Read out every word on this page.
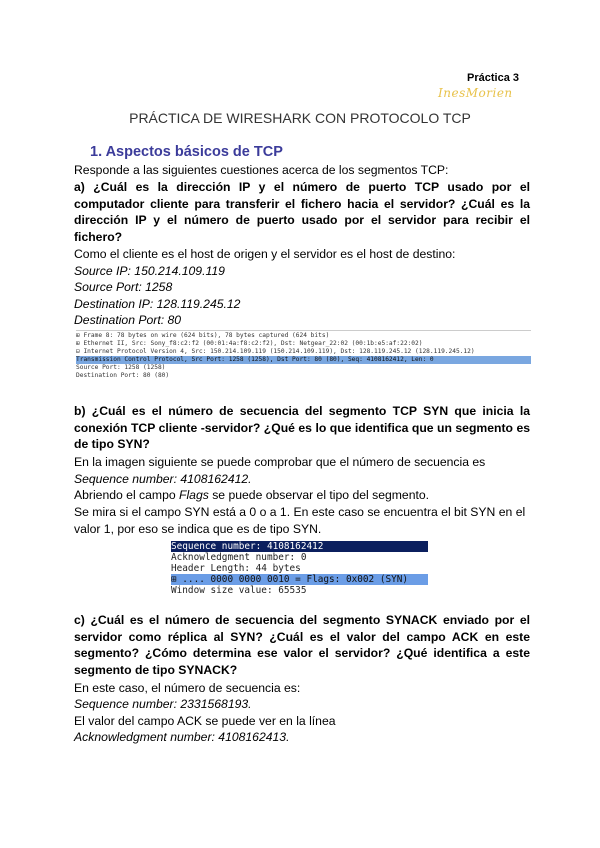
Práctica 3
InesMorien
PRÁCTICA DE WIRESHARK CON PROTOCOLO TCP
1. Aspectos básicos de TCP
Responde a las siguientes cuestiones acerca de los segmentos TCP:
a) ¿Cuál es la dirección IP y el número de puerto TCP usado por el computador cliente para transferir el fichero hacia el servidor? ¿Cuál es la dirección IP y el número de puerto usado por el servidor para recibir el fichero?
Como el cliente es el host de origen y el servidor es el host de destino:
Source IP: 150.214.109.119
Source Port: 1258
Destination IP: 128.119.245.12
Destination Port: 80
⊞ Frame 8: 78 bytes on wire (624 bits), 78 bytes captured (624 bits)
⊞ Ethernet II, Src: Sony_f8:c2:f2 (00:01:4a:f8:c2:f2), Dst: Netgear_22:02 (00:1b:e5:af:22:02)
⊟ Internet Protocol Version 4, Src: 150.214.109.119 (150.214.109.119), Dst: 128.119.245.12 (128.119.245.12)
Transmission Control Protocol, Src Port: 1258 (1258), Dst Port: 80 (80), Seq: 4108162412, Len: 0
Source Port: 1258 (1258)
Destination Port: 80 (80)
b) ¿Cuál es el número de secuencia del segmento TCP SYN que inicia la conexión TCP cliente -servidor? ¿Qué es lo que identifica que un segmento es de tipo SYN?
En la imagen siguiente se puede comprobar que el número de secuencia es
Sequence number: 4108162412.
Abriendo el campo Flags se puede observar el tipo del segmento.
Se mira si el campo SYN está a 0 o a 1. En este caso se encuentra el bit SYN en el valor 1, por eso se indica que es de tipo SYN.
Sequence number: 4108162412
Acknowledgment number: 0
Header Length: 44 bytes
⊞ .... 0000 0000 0010 = Flags: 0x002 (SYN)
Window size value: 65535
c) ¿Cuál es el número de secuencia del segmento SYNACK enviado por el servidor como réplica al SYN? ¿Cuál es el valor del campo ACK en este segmento? ¿Cómo determina ese valor el servidor? ¿Qué identifica a este segmento de tipo SYNACK?
En este caso, el número de secuencia es:
Sequence number: 2331568193.
El valor del campo ACK se puede ver en la línea
Acknowledgment number: 4108162413.
